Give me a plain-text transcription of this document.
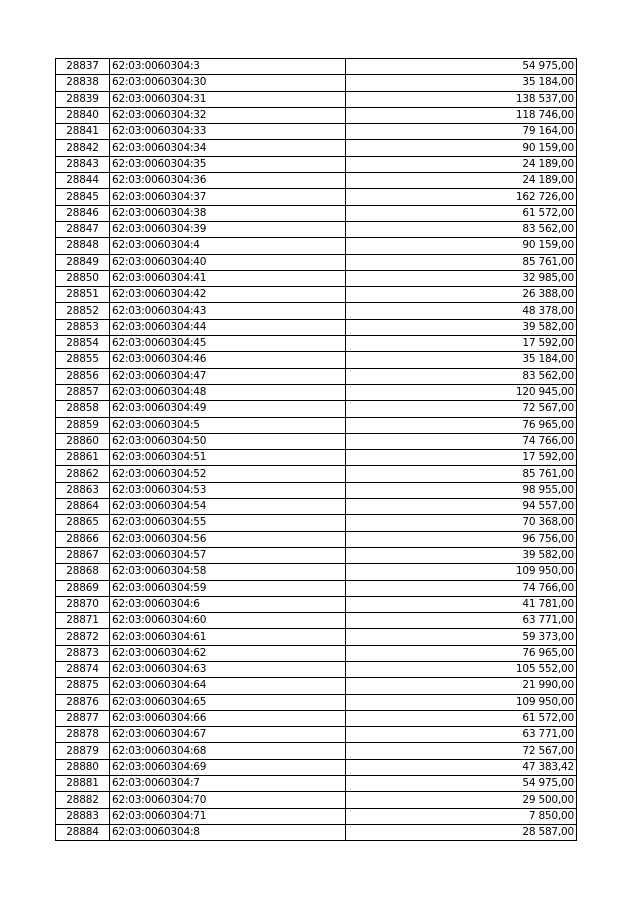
28837	62:03:0060304:3	54 975,00
28838	62:03:0060304:30	35 184,00
28839	62:03:0060304:31	138 537,00
28840	62:03:0060304:32	118 746,00
28841	62:03:0060304:33	79 164,00
28842	62:03:0060304:34	90 159,00
28843	62:03:0060304:35	24 189,00
28844	62:03:0060304:36	24 189,00
28845	62:03:0060304:37	162 726,00
28846	62:03:0060304:38	61 572,00
28847	62:03:0060304:39	83 562,00
28848	62:03:0060304:4	90 159,00
28849	62:03:0060304:40	85 761,00
28850	62:03:0060304:41	32 985,00
28851	62:03:0060304:42	26 388,00
28852	62:03:0060304:43	48 378,00
28853	62:03:0060304:44	39 582,00
28854	62:03:0060304:45	17 592,00
28855	62:03:0060304:46	35 184,00
28856	62:03:0060304:47	83 562,00
28857	62:03:0060304:48	120 945,00
28858	62:03:0060304:49	72 567,00
28859	62:03:0060304:5	76 965,00
28860	62:03:0060304:50	74 766,00
28861	62:03:0060304:51	17 592,00
28862	62:03:0060304:52	85 761,00
28863	62:03:0060304:53	98 955,00
28864	62:03:0060304:54	94 557,00
28865	62:03:0060304:55	70 368,00
28866	62:03:0060304:56	96 756,00
28867	62:03:0060304:57	39 582,00
28868	62:03:0060304:58	109 950,00
28869	62:03:0060304:59	74 766,00
28870	62:03:0060304:6	41 781,00
28871	62:03:0060304:60	63 771,00
28872	62:03:0060304:61	59 373,00
28873	62:03:0060304:62	76 965,00
28874	62:03:0060304:63	105 552,00
28875	62:03:0060304:64	21 990,00
28876	62:03:0060304:65	109 950,00
28877	62:03:0060304:66	61 572,00
28878	62:03:0060304:67	63 771,00
28879	62:03:0060304:68	72 567,00
28880	62:03:0060304:69	47 383,42
28881	62:03:0060304:7	54 975,00
28882	62:03:0060304:70	29 500,00
28883	62:03:0060304:71	7 850,00
28884	62:03:0060304:8	28 587,00
